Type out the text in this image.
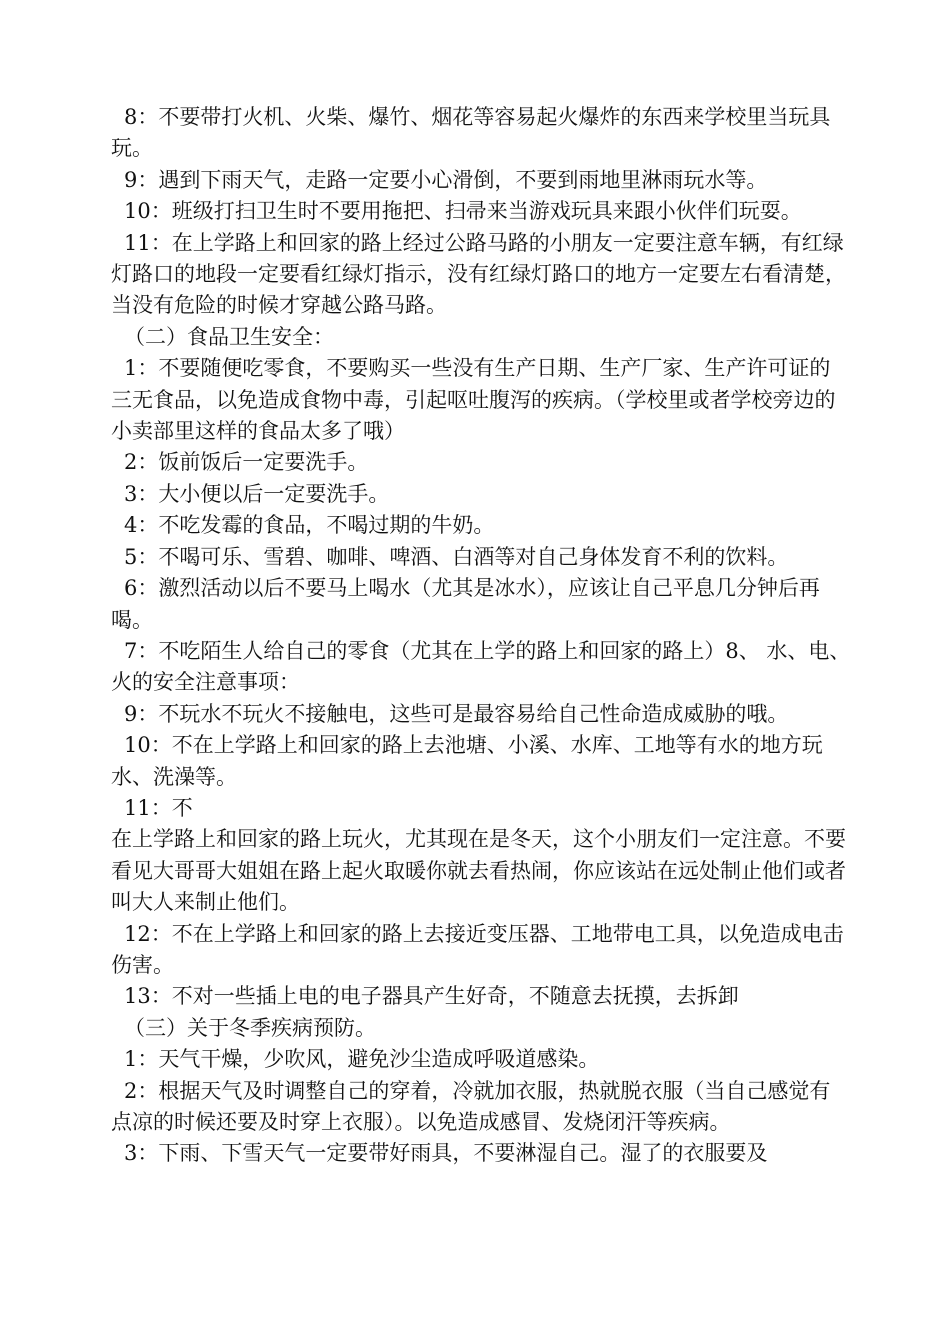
8：不要带打火机、火柴、爆竹、烟花等容易起火爆炸的东西来学校里当玩具玩。

9：遇到下雨天气，走路一定要小心滑倒，不要到雨地里淋雨玩水等。

10：班级打扫卫生时不要用拖把、扫帚来当游戏玩具来跟小伙伴们玩耍。

11：在上学路上和回家的路上经过公路马路的小朋友一定要注意车辆，有红绿灯路口的地段一定要看红绿灯指示，没有红绿灯路口的地方一定要左右看清楚，当没有危险的时候才穿越公路马路。

（二）食品卫生安全：

1：不要随便吃零食，不要购买一些没有生产日期、生产厂家、生产许可证的三无食品，以免造成食物中毒，引起呕吐腹泻的疾病。（学校里或者学校旁边的小卖部里这样的食品太多了哦）

2：饭前饭后一定要洗手。

3：大小便以后一定要洗手。

4：不吃发霉的食品，不喝过期的牛奶。

5：不喝可乐、雪碧、咖啡、啤酒、白酒等对自己身体发育不利的饮料。

6：激烈活动以后不要马上喝水（尤其是冰水），应该让自己平息几分钟后再喝。

7：不吃陌生人给自己的零食（尤其在上学的路上和回家的路上）8、 水、电、火的安全注意事项：

9：不玩水不玩火不接触电，这些可是最容易给自己性命造成威胁的哦。

10：不在上学路上和回家的路上去池塘、小溪、水库、工地等有水的地方玩水、洗澡等。

11：不

在上学路上和回家的路上玩火，尤其现在是冬天，这个小朋友们一定注意。不要看见大哥哥大姐姐在路上起火取暖你就去看热闹，你应该站在远处制止他们或者叫大人来制止他们。

12：不在上学路上和回家的路上去接近变压器、工地带电工具，以免造成电击伤害。

13：不对一些插上电的电子器具产生好奇，不随意去抚摸，去拆卸

（三）关于冬季疾病预防。

1：天气干燥，少吹风，避免沙尘造成呼吸道感染。

2：根据天气及时调整自己的穿着，冷就加衣服，热就脱衣服（当自己感觉有点凉的时候还要及时穿上衣服）。以免造成感冒、发烧闭汗等疾病。

3：下雨、下雪天气一定要带好雨具，不要淋湿自己。湿了的衣服要及
